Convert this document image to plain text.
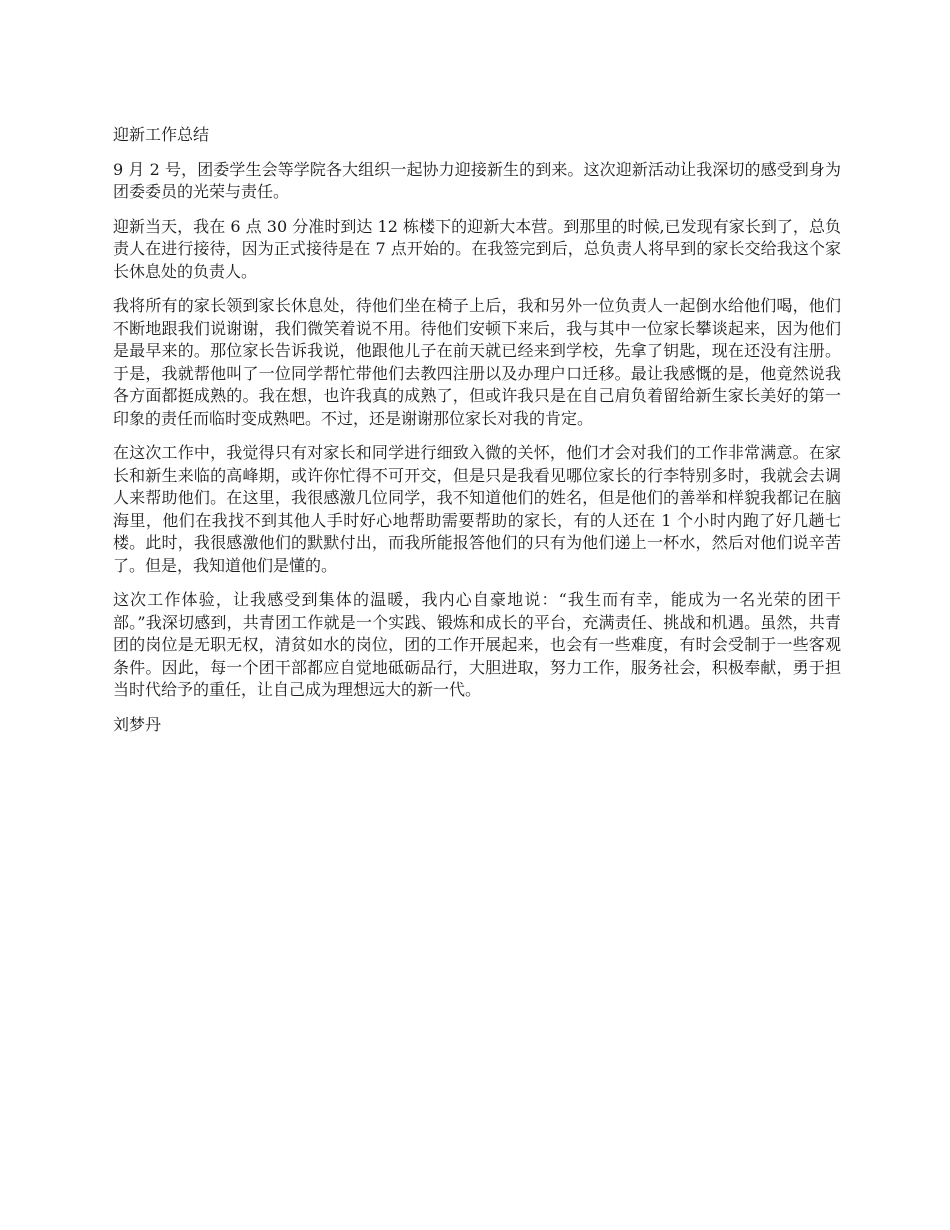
迎新工作总结

9 月 2 号，团委学生会等学院各大组织一起协力迎接新生的到来。这次迎新活动让我深切的感受到身为团委委员的光荣与责任。

迎新当天，我在 6 点 30 分准时到达 12 栋楼下的迎新大本营。到那里的时候,已发现有家长到了，总负责人在进行接待，因为正式接待是在 7 点开始的。在我签完到后，总负责人将早到的家长交给我这个家长休息处的负责人。

我将所有的家长领到家长休息处，待他们坐在椅子上后，我和另外一位负责人一起倒水给他们喝，他们不断地跟我们说谢谢，我们微笑着说不用。待他们安顿下来后，我与其中一位家长攀谈起来，因为他们是最早来的。那位家长告诉我说，他跟他儿子在前天就已经来到学校，先拿了钥匙，现在还没有注册。于是，我就帮他叫了一位同学帮忙带他们去教四注册以及办理户口迁移。最让我感慨的是，他竟然说我各方面都挺成熟的。我在想，也许我真的成熟了，但或许我只是在自己肩负着留给新生家长美好的第一印象的责任而临时变成熟吧。不过，还是谢谢那位家长对我的肯定。

在这次工作中，我觉得只有对家长和同学进行细致入微的关怀，他们才会对我们的工作非常满意。在家长和新生来临的高峰期，或许你忙得不可开交，但是只是我看见哪位家长的行李特别多时，我就会去调人来帮助他们。在这里，我很感激几位同学，我不知道他们的姓名，但是他们的善举和样貌我都记在脑海里，他们在我找不到其他人手时好心地帮助需要帮助的家长，有的人还在 1 个小时内跑了好几趟七楼。此时，我很感激他们的默默付出，而我所能报答他们的只有为他们递上一杯水，然后对他们说辛苦了。但是，我知道他们是懂的。

这次工作体验，让我感受到集体的温暖，我内心自豪地说：“我生而有幸，能成为一名光荣的团干部。”我深切感到，共青团工作就是一个实践、锻炼和成长的平台，充满责任、挑战和机遇。虽然，共青团的岗位是无职无权，清贫如水的岗位，团的工作开展起来，也会有一些难度，有时会受制于一些客观条件。因此，每一个团干部都应自觉地砥砺品行，大胆进取，努力工作，服务社会，积极奉献，勇于担当时代给予的重任，让自己成为理想远大的新一代。

刘梦丹
